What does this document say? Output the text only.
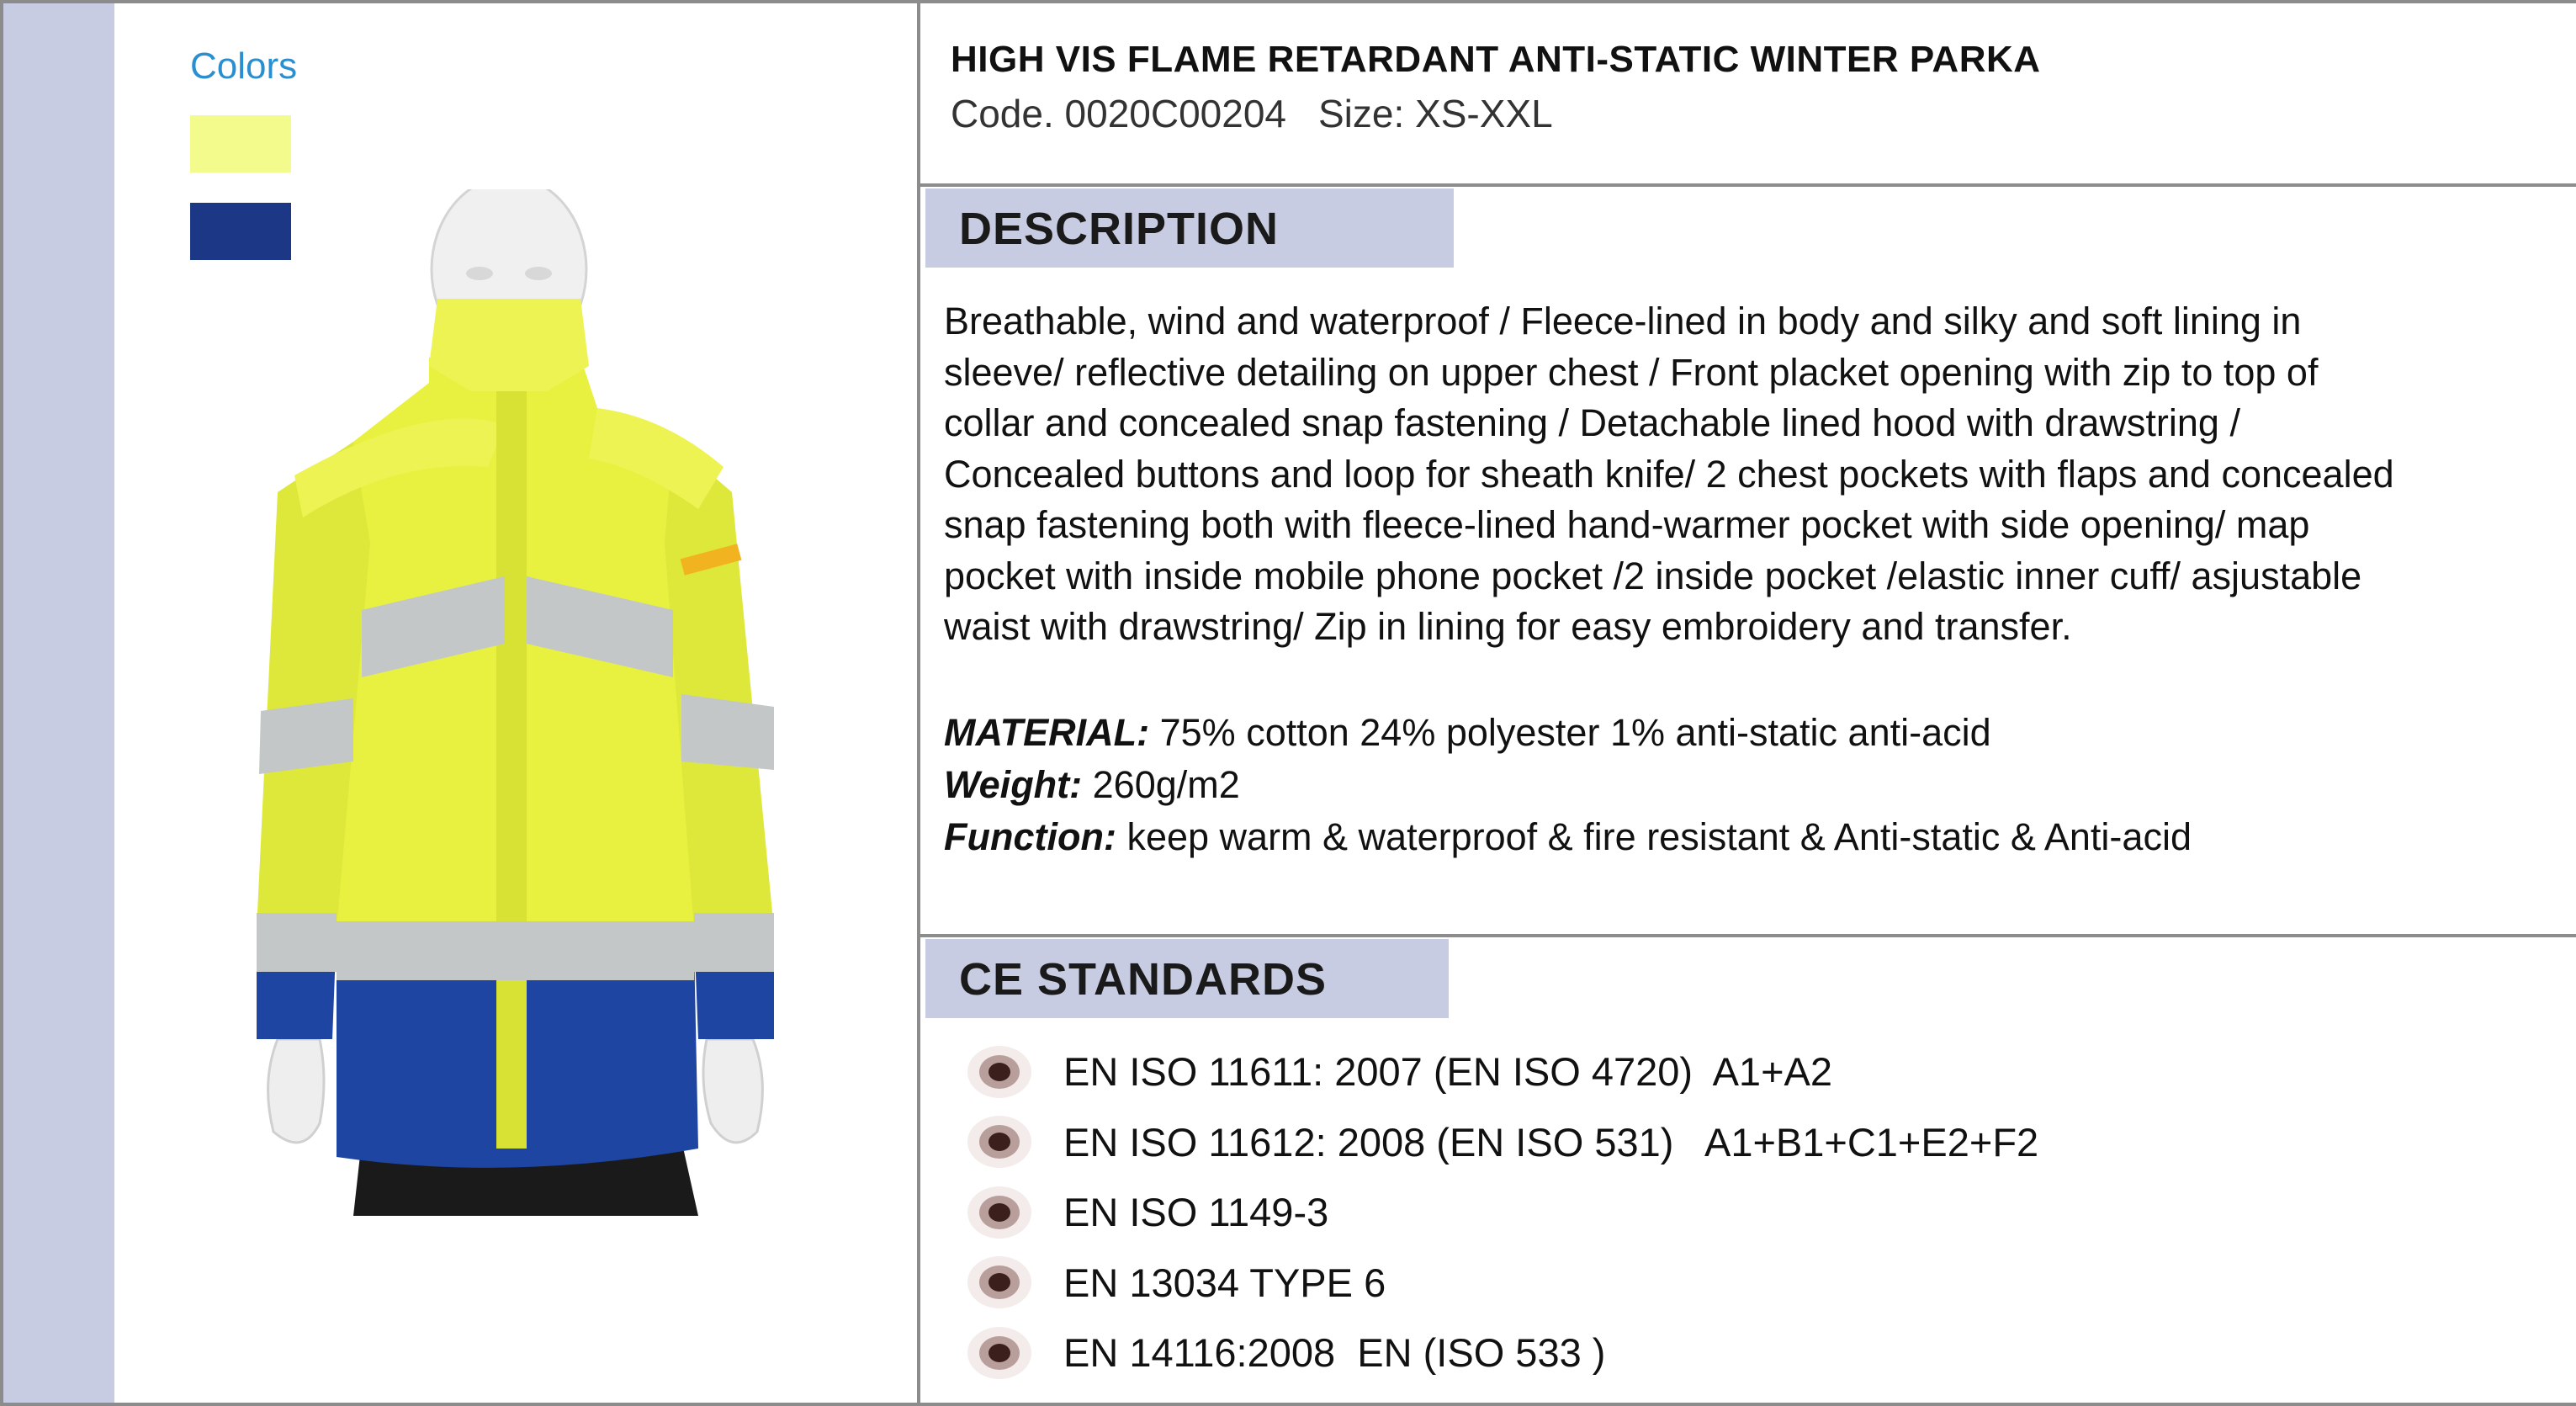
Colors	HIGH VIS FLAME RETARDANT ANTI-STATIC WINTER PARKA
Code. 0020C00204 Size: XS-XXL
DESCRIPTION
Breathable, wind and waterproof / Fleece-lined in body and silky and soft lining in
sleeve/ reflective detailing on upper chest / Front placket opening with zip to top of
collar and concealed snap fastening / Detachable lined hood with drawstring /
Concealed buttons and loop for sheath knife/ 2 chest pockets with flaps and concealed
snap fastening both with fleece-lined hand-warmer pocket with side opening/ map
pocket with inside mobile phone pocket /2 inside pocket /elastic inner cuff/ asjustable
waist with drawstring/ Zip in lining for easy embroidery and transfer.
MATERIAL: 75% cotton 24% polyester 1% anti-static anti-acid
Weight: 260g/m2
Function: keep warm & waterproof & fire resistant & Anti-static & Anti-acid
CE STANDARDS
EN ISO 11611: 2007 (EN ISO 4720)  A1+A2
EN ISO 11612: 2008 (EN ISO 531)   A1+B1+C1+E2+F2
EN ISO 1149-3
EN 13034 TYPE 6
EN 14116:2008  EN (ISO 533 )
